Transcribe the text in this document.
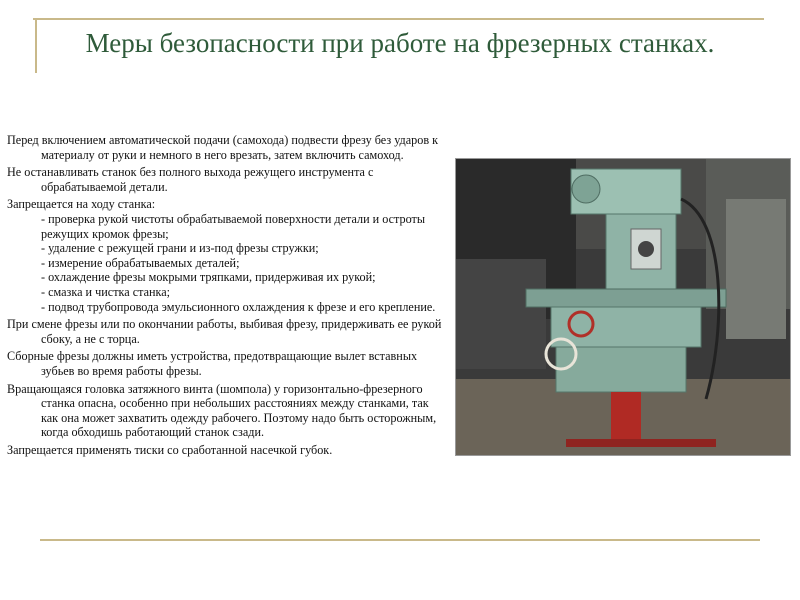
Меры безопасности при работе на фрезерных станках.

Перед включением автоматической подачи (самохода) подвести фрезу без ударов к материалу от руки и немного в него врезать, затем включить самоход.

Не останавливать станок без полного выхода режущего инструмента с обрабатываемой детали.

Запрещается на ходу станка:

- проверка рукой чистоты обрабатываемой поверхности детали и остроты режущих кромок фрезы;

- удаление с режущей грани и из-под фрезы стружки;

- измерение обрабатываемых деталей;

- охлаждение фрезы мокрыми тряпками, придерживая их рукой;

- смазка и чистка станка;

- подвод трубопровода эмульсионного охлаждения к фрезе и его крепление.

При смене фрезы или по окончании работы, выбивая фрезу, придерживать ее рукой сбоку, а не с торца.

Сборные фрезы должны иметь устройства, предотвращающие вылет вставных зубьев во время работы фрезы.

Вращающаяся головка затяжного винта (шомпола) у горизонтально-фрезерного станка опасна, особенно при небольших расстояниях между станками, так как она может захватить одежду рабочего. Поэтому надо быть осторожным, когда обходишь работающий станок сзади.

Запрещается применять тиски со сработанной насечкой губок.
